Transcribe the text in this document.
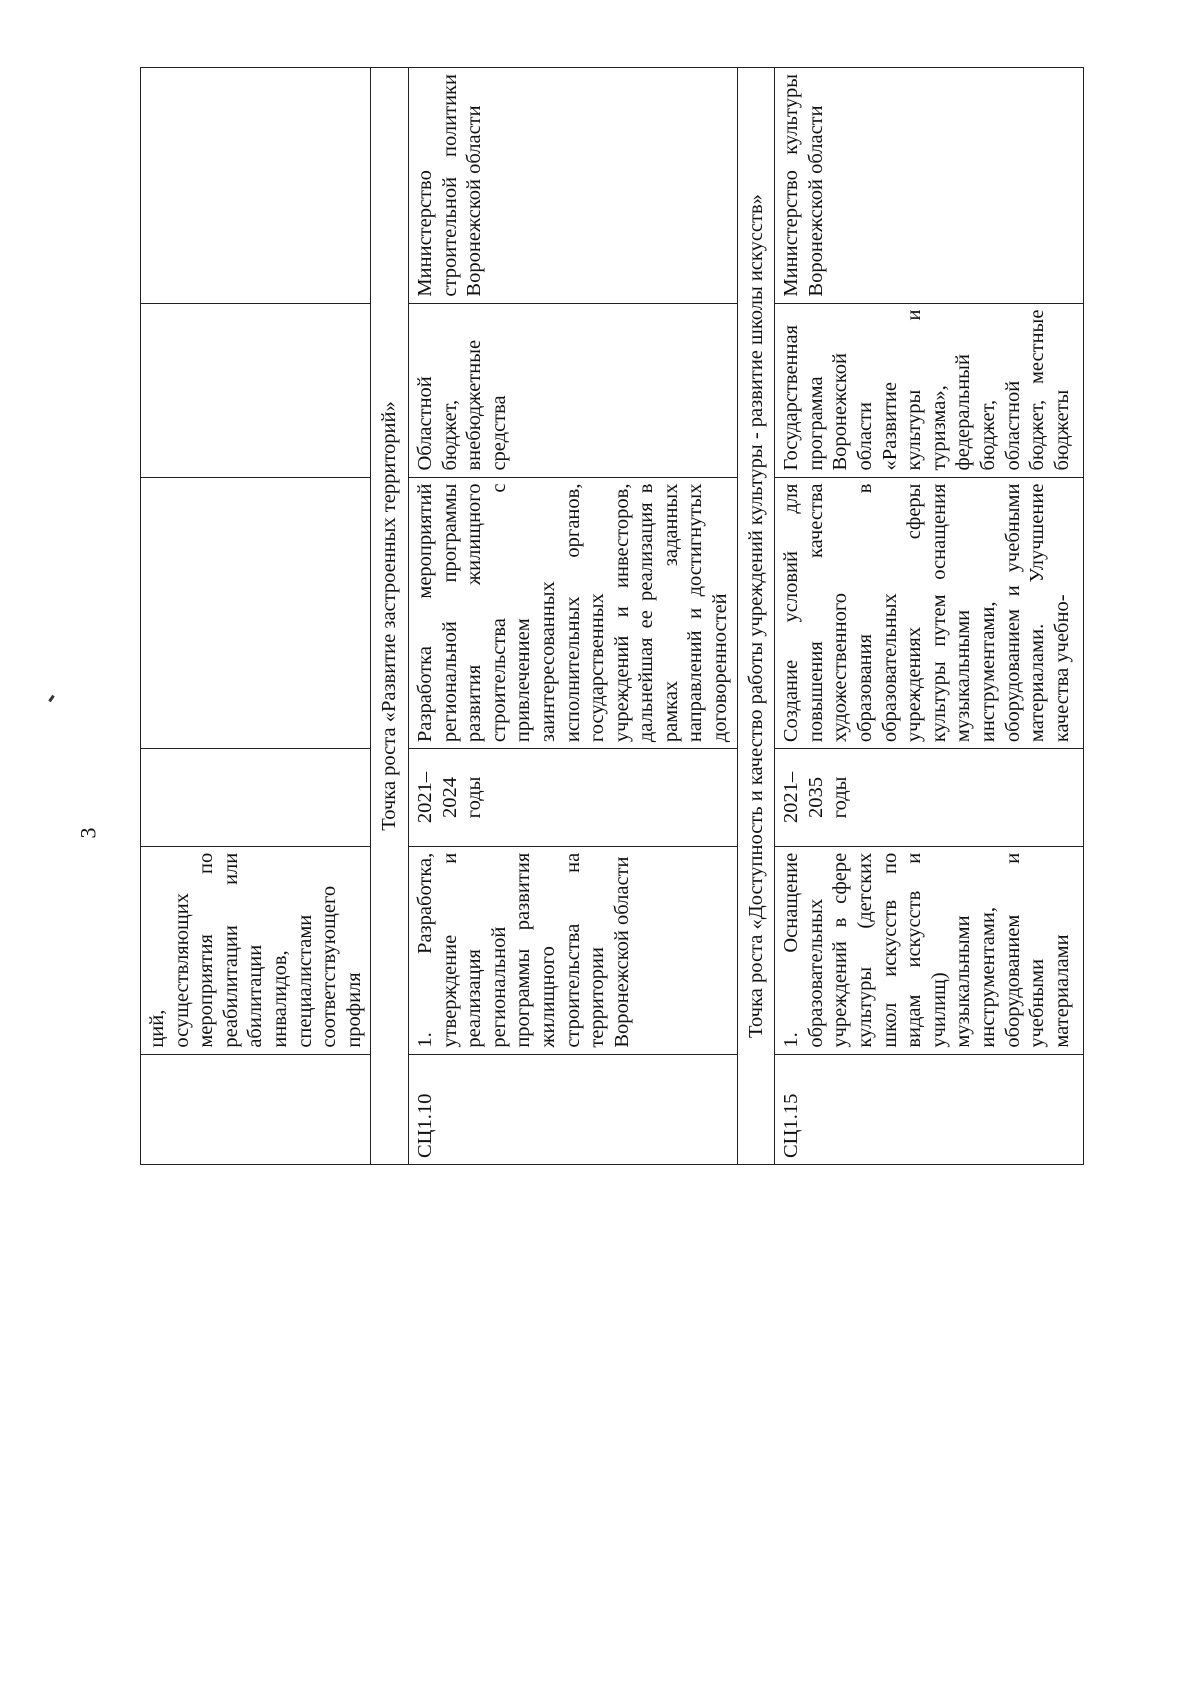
3
	ций, осуществляющих мероприятия по реабилитации или абилитации инвалидов, специалистами соответствующего профиля				
Точка роста «Развитие застроенных территорий»					
СЦ1.10	1. Разработка, утверждение и реализация региональной программы развития жилищного строительства на территории Воронежской области	2021–2024 годы	Разработка мероприятий региональной программы развития жилищного строительства с привлечением заинтересованных исполнительных органов, государственных учреждений и инвесторов, дальнейшая ее реализация в рамках заданных направлений и достигнутых договоренностей	Областной бюджет, внебюджетные средства	Министерство строительной политики Воронежской области
Точка роста «Доступность и качество работы учреждений культуры - развитие школы искусств»					
СЦ1.15	1. Оснащение образовательных учреждений в сфере культуры (детских школ искусств по видам искусств и училищ) музыкальными инструментами, оборудованием и учебными материалами	2021–2035 годы	Создание условий для повышения качества художественного образования в образовательных учреждениях сферы культуры путем оснащения музыкальными инструментами, оборудованием и учебными материалами. Улучшение качества учебно-	Государственная программа Воронежской области «Развитие культуры и туризма», федеральный бюджет, областной бюджет, местные бюджеты	Министерство культуры Воронежской области
